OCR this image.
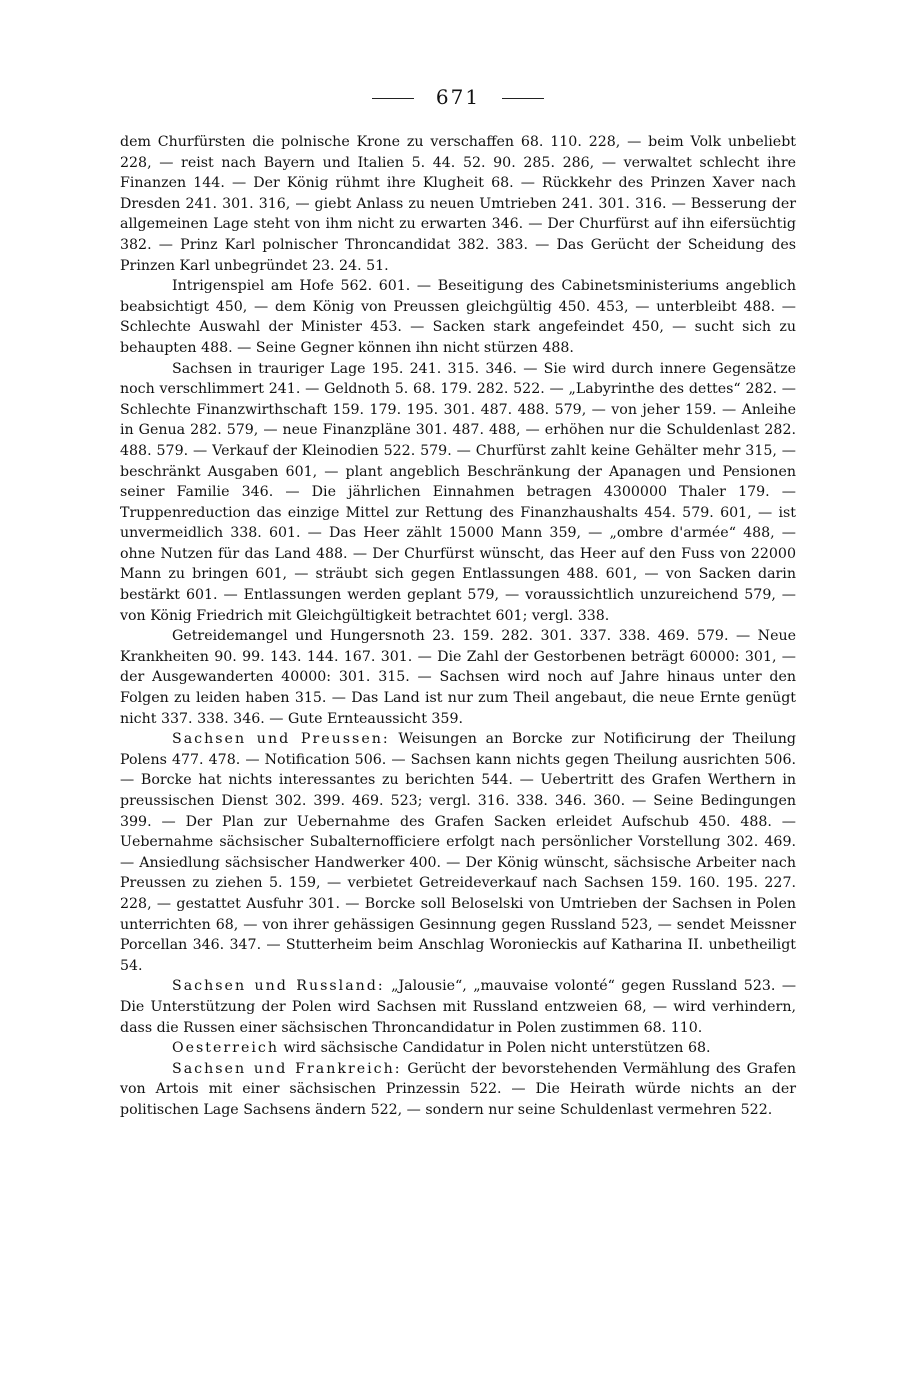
671

dem Churfürsten die polnische Krone zu verschaffen 68. 110. 228, — beim Volk unbeliebt 228, — reist nach Bayern und Italien 5. 44. 52. 90. 285. 286, — verwaltet schlecht ihre Finanzen 144. — Der König rühmt ihre Klugheit 68. — Rückkehr des Prinzen Xaver nach Dresden 241. 301. 316, — giebt Anlass zu neuen Umtrieben 241. 301. 316. — Besserung der allgemeinen Lage steht von ihm nicht zu erwarten 346. — Der Churfürst auf ihn eifersüchtig 382. — Prinz Karl polnischer Throncandidat 382. 383. — Das Gerücht der Scheidung des Prinzen Karl unbegründet 23. 24. 51.

Intrigenspiel am Hofe 562. 601. — Beseitigung des Cabinetsministeriums angeblich beabsichtigt 450, — dem König von Preussen gleichgültig 450. 453, — unterbleibt 488. — Schlechte Auswahl der Minister 453. — Sacken stark angefeindet 450, — sucht sich zu behaupten 488. — Seine Gegner können ihn nicht stürzen 488.

Sachsen in trauriger Lage 195. 241. 315. 346. — Sie wird durch innere Gegensätze noch verschlimmert 241. — Geldnoth 5. 68. 179. 282. 522. — „Labyrinthe des dettes“ 282. — Schlechte Finanzwirthschaft 159. 179. 195. 301. 487. 488. 579, — von jeher 159. — Anleihe in Genua 282. 579, — neue Finanzpläne 301. 487. 488, — erhöhen nur die Schuldenlast 282. 488. 579. — Verkauf der Kleinodien 522. 579. — Churfürst zahlt keine Gehälter mehr 315, — beschränkt Ausgaben 601, — plant angeblich Beschränkung der Apanagen und Pensionen seiner Familie 346. — Die jährlichen Einnahmen betragen 4300000 Thaler 179. — Truppenreduction das einzige Mittel zur Rettung des Finanzhaushalts 454. 579. 601, — ist unvermeidlich 338. 601. — Das Heer zählt 15000 Mann 359, — „ombre d'armée“ 488, — ohne Nutzen für das Land 488. — Der Churfürst wünscht, das Heer auf den Fuss von 22000 Mann zu bringen 601, — sträubt sich gegen Entlassungen 488. 601, — von Sacken darin bestärkt 601. — Entlassungen werden geplant 579, — voraussichtlich unzureichend 579, — von König Friedrich mit Gleichgültigkeit betrachtet 601; vergl. 338.

Getreidemangel und Hungersnoth 23. 159. 282. 301. 337. 338. 469. 579. — Neue Krankheiten 90. 99. 143. 144. 167. 301. — Die Zahl der Gestorbenen beträgt 60000: 301, — der Ausgewanderten 40000: 301. 315. — Sachsen wird noch auf Jahre hinaus unter den Folgen zu leiden haben 315. — Das Land ist nur zum Theil angebaut, die neue Ernte genügt nicht 337. 338. 346. — Gute Ernteaussicht 359.

Sachsen und Preussen: Weisungen an Borcke zur Notificirung der Theilung Polens 477. 478. — Notification 506. — Sachsen kann nichts gegen Theilung ausrichten 506. — Borcke hat nichts interessantes zu berichten 544. — Uebertritt des Grafen Werthern in preussischen Dienst 302. 399. 469. 523; vergl. 316. 338. 346. 360. — Seine Bedingungen 399. — Der Plan zur Uebernahme des Grafen Sacken erleidet Aufschub 450. 488. — Uebernahme sächsischer Subalternofficiere erfolgt nach persönlicher Vorstellung 302. 469. — Ansiedlung sächsischer Handwerker 400. — Der König wünscht, sächsische Arbeiter nach Preussen zu ziehen 5. 159, — verbietet Getreideverkauf nach Sachsen 159. 160. 195. 227. 228, — gestattet Ausfuhr 301. — Borcke soll Beloselski von Umtrieben der Sachsen in Polen unterrichten 68, — von ihrer gehässigen Gesinnung gegen Russland 523, — sendet Meissner Porcellan 346. 347. — Stutterheim beim Anschlag Woronieckis auf Katharina II. unbetheiligt 54.

Sachsen und Russland: „Jalousie“, „mauvaise volonté“ gegen Russland 523. — Die Unterstützung der Polen wird Sachsen mit Russland entzweien 68, — wird verhindern, dass die Russen einer sächsischen Throncandidatur in Polen zustimmen 68. 110.

Oesterreich wird sächsische Candidatur in Polen nicht unterstützen 68.

Sachsen und Frankreich: Gerücht der bevorstehenden Vermählung des Grafen von Artois mit einer sächsischen Prinzessin 522. — Die Heirath würde nichts an der politischen Lage Sachsens ändern 522, — sondern nur seine Schuldenlast vermehren 522.
